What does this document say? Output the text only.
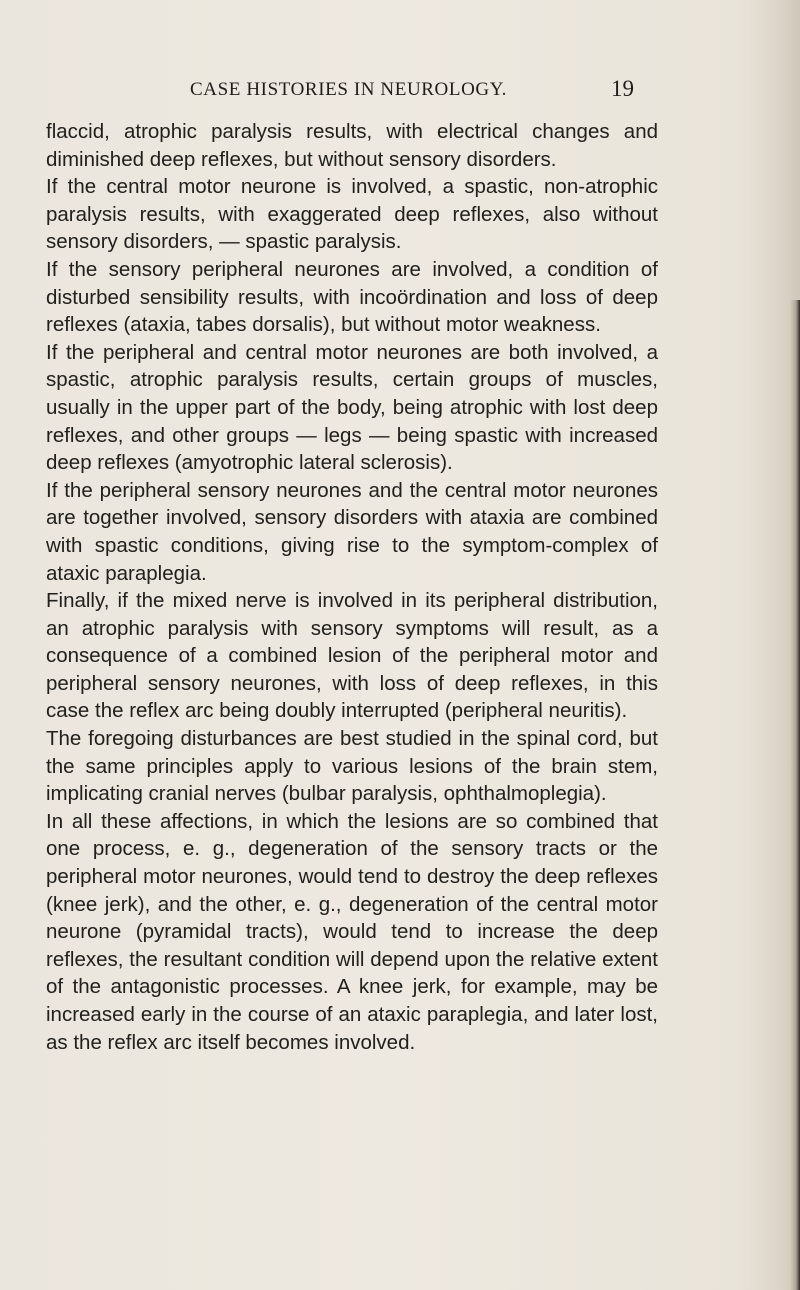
CASE HISTORIES IN NEUROLOGY.	19

flaccid, atrophic paralysis results, with electrical changes and diminished deep reflexes, but without sensory disorders.

If the central motor neurone is involved, a spastic, non-atrophic paralysis results, with exaggerated deep reflexes, also without sensory disorders, — spastic paralysis.

If the sensory peripheral neurones are involved, a condition of disturbed sensibility results, with incoördination and loss of deep reflexes (ataxia, tabes dorsalis), but without motor weakness.

If the peripheral and central motor neurones are both involved, a spastic, atrophic paralysis results, certain groups of muscles, usually in the upper part of the body, being atrophic with lost deep reflexes, and other groups — legs — being spastic with increased deep reflexes (amyotrophic lateral sclerosis).

If the peripheral sensory neurones and the central motor neurones are together involved, sensory disorders with ataxia are combined with spastic conditions, giving rise to the symptom-complex of ataxic paraplegia.

Finally, if the mixed nerve is involved in its peripheral distribution, an atrophic paralysis with sensory symptoms will result, as a consequence of a combined lesion of the peripheral motor and peripheral sensory neurones, with loss of deep reflexes, in this case the reflex arc being doubly interrupted (peripheral neuritis).

The foregoing disturbances are best studied in the spinal cord, but the same principles apply to various lesions of the brain stem, implicating cranial nerves (bulbar paralysis, ophthalmoplegia).

In all these affections, in which the lesions are so combined that one process, e. g., degeneration of the sensory tracts or the peripheral motor neurones, would tend to destroy the deep reflexes (knee jerk), and the other, e. g., degeneration of the central motor neurone (pyramidal tracts), would tend to increase the deep reflexes, the resultant condition will depend upon the relative extent of the antagonistic processes. A knee jerk, for example, may be increased early in the course of an ataxic paraplegia, and later lost, as the reflex arc itself becomes involved.
